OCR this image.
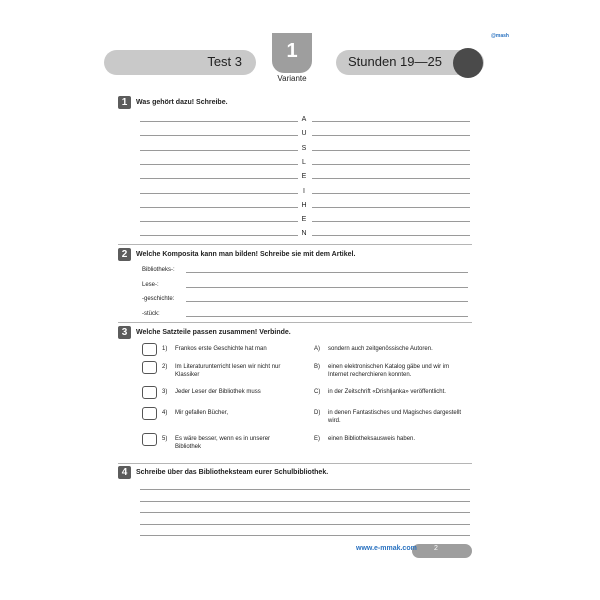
Test 3	1
Variante
Stunden 19—25
@mash
1	Was gehört dazu! Schreibe.
A
U
S
L
E
I
H
E
N
2	Welche Komposita kann man bilden! Schreibe sie mit dem Artikel.
Bibliotheks-:
Lese-:
-geschichte:
-stück:
3	Welche Satzteile passen zusammen! Verbinde.
1) Frankos erste Geschichte hat man
2) Im Literaturunterricht lesen wir nicht nur Klassiker
3) Jeder Leser der Bibliothek muss
4) Mir gefallen Bücher,
5) Es wäre besser, wenn es in unserer Bibliothek
A) sondern auch zeitgenössische Autoren.
B) einen elektronischen Katalog gäbe und wir im Internet recherchieren konnten.
C) in der Zeitschrift «Drishljanka» veröffentlicht.
D) in denen Fantastisches und Magisches dargestellt wird.
E) einen Bibliotheksausweis haben.
4	Schreibe über das Bibliotheksteam eurer Schulbibliothek.
www.e-mmak.com 2
